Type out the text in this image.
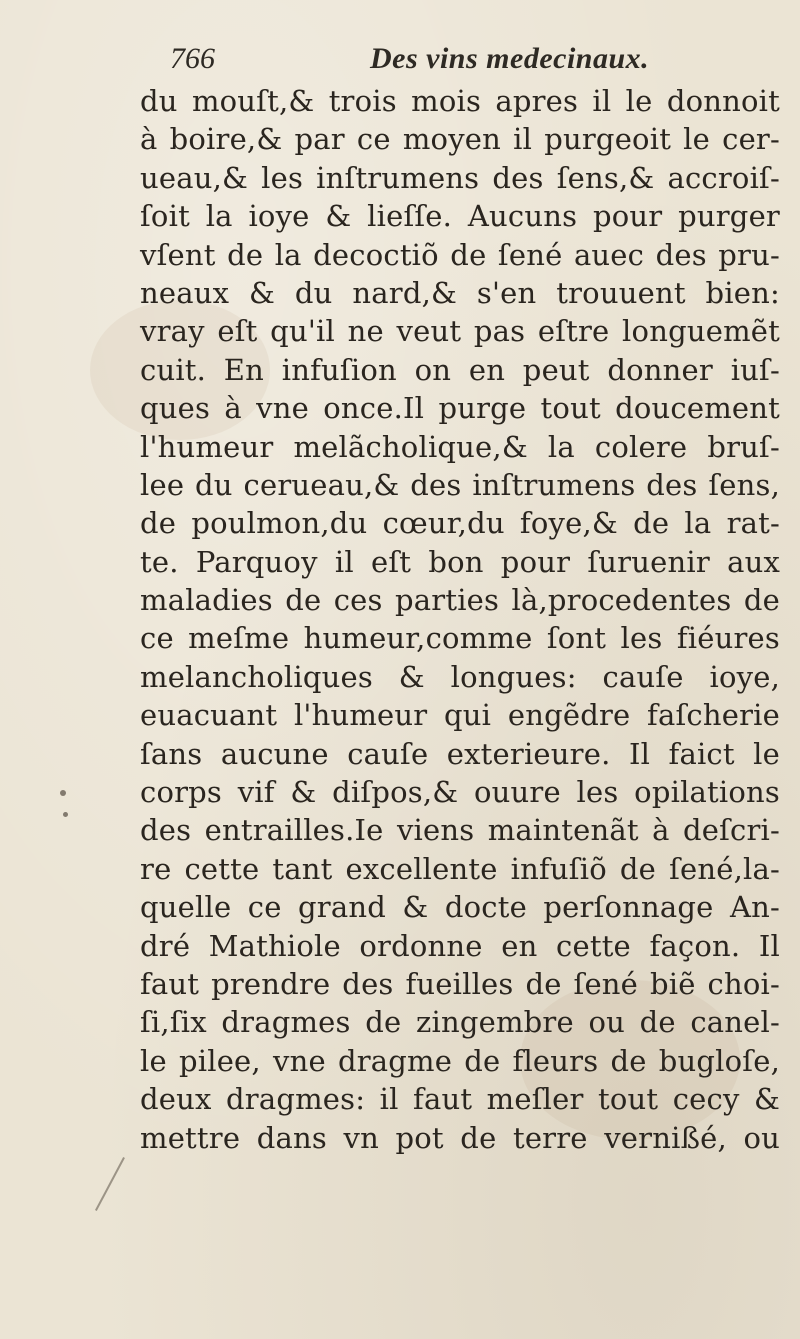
766	Des vins medecinaux.
du mouſt,& trois mois apres il le donnoit
à boire,& par ce moyen il purgeoit le cer-
ueau,& les inſtrumens des ſens,& accroiſ-
ſoit la ioye & lieſſe. Aucuns pour purger
vſent de la decoctiõ de ſené auec des pru-
neaux & du nard,& s'en trouuent bien:
vray eſt qu'il ne veut pas eſtre longuemẽt
cuit. En infuſion on en peut donner iuſ-
ques à vne once.Il purge tout doucement
l'humeur melãcholique,& la colere bruſ-
lee du cerueau,& des inſtrumens des ſens,
de poulmon,du cœur,du foye,& de la rat-
te. Parquoy il eſt bon pour ſuruenir aux
maladies de ces parties là,procedentes de
ce meſme humeur,comme ſont les fiéures
melancholiques & longues: cauſe ioye,
euacuant l'humeur qui engẽdre faſcherie
ſans aucune cauſe exterieure. Il faict le
corps vif & diſpos,& ouure les opilations
des entrailles.Ie viens maintenãt à deſcri-
re cette tant excellente infuſiõ de ſené,la-
quelle ce grand & docte perſonnage An-
dré Mathiole ordonne en cette façon. Il
faut prendre des fueilles de ſené biẽ choi-
ſi,ſix dragmes de zingembre ou de canel-
le pilee, vne dragme de fleurs de bugloſe,
deux dragmes: il faut meſler tout cecy &
mettre dans vn pot de terre vernißé, ou
